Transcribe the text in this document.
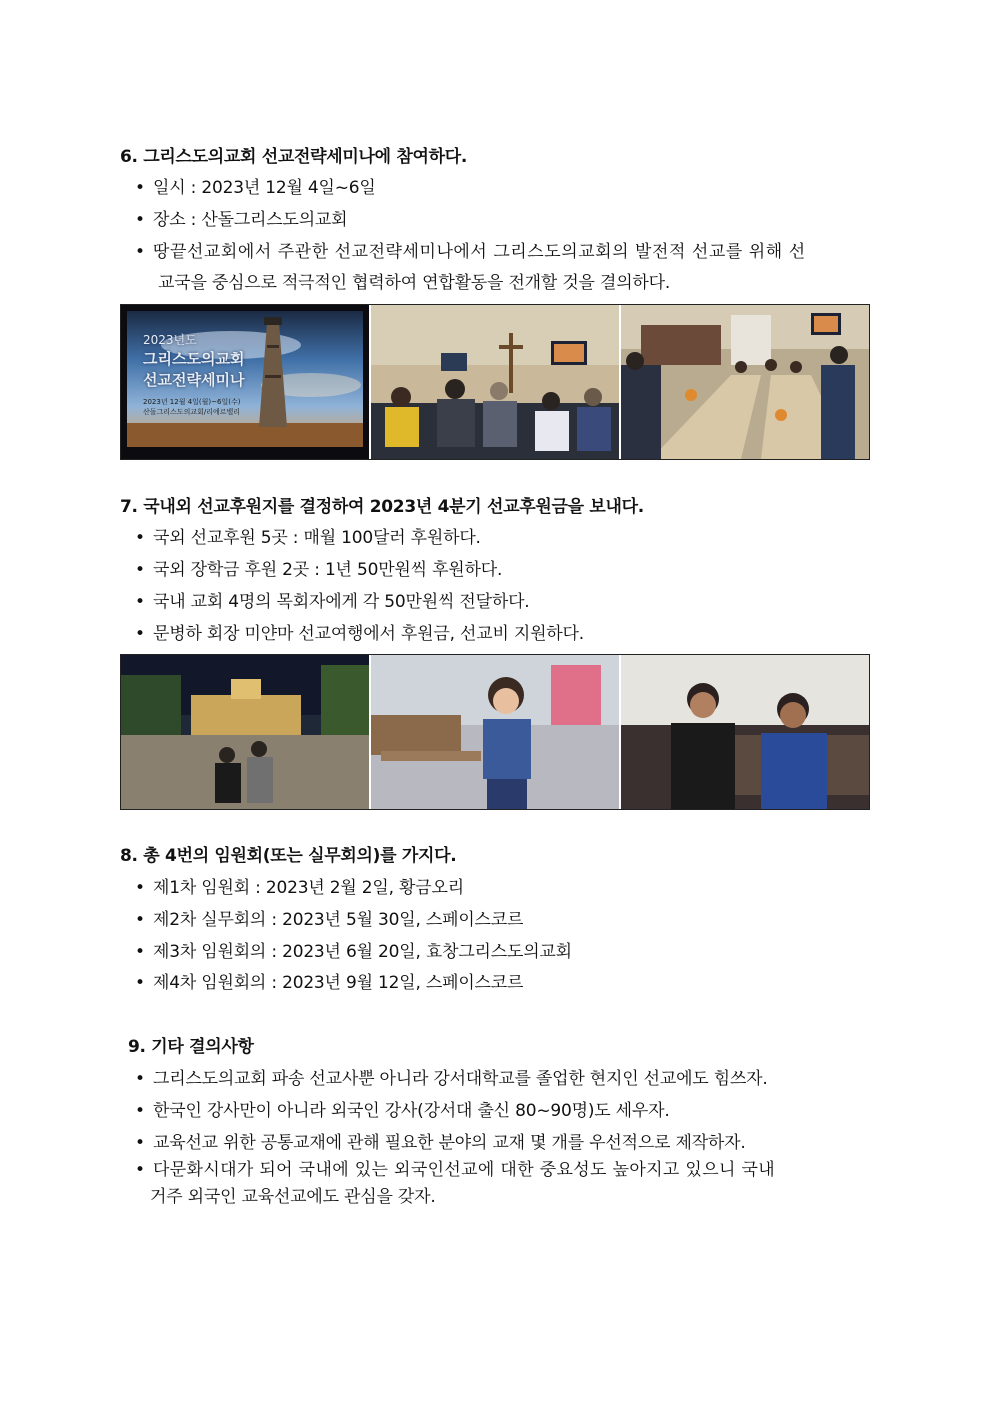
6. 그리스도의교회 선교전략세미나에 참여하다.
• 일시 : 2023년 12월 4일~6일
• 장소 : 산돌그리스도의교회
• 땅끝선교회에서 주관한 선교전략세미나에서 그리스도의교회의 발전적 선교를 위해 선
교국을 중심으로 적극적인 협력하여 연합활동을 전개할 것을 결의하다.
2023년도
그리스도의교회
선교전략세미나
2023년 12월 4일(월)~6일(수)
산돌그리스도의교회/리에르밸리
7. 국내외 선교후원지를 결정하여 2023년 4분기 선교후원금을 보내다.
• 국외 선교후원 5곳 : 매월 100달러 후원하다.
• 국외 장학금 후원 2곳 : 1년 50만원씩 후원하다.
• 국내 교회 4명의 목회자에게 각 50만원씩 전달하다.
• 문병하 회장 미얀마 선교여행에서 후원금, 선교비 지원하다.
8. 총 4번의 임원회(또는 실무회의)를 가지다.
• 제1차 임원회 : 2023년 2월 2일, 황금오리
• 제2차 실무회의 : 2023년 5월 30일, 스페이스코르
• 제3차 임원회의 : 2023년 6월 20일, 효창그리스도의교회
• 제4차 임원회의 : 2023년 9월 12일, 스페이스코르
9. 기타 결의사항
• 그리스도의교회 파송 선교사뿐 아니라 강서대학교를 졸업한 현지인 선교에도 힘쓰자.
• 한국인 강사만이 아니라 외국인 강사(강서대 출신 80~90명)도 세우자.
• 교육선교 위한 공통교재에 관해 필요한 분야의 교재 몇 개를 우선적으로 제작하자.
• 다문화시대가 되어 국내에 있는 외국인선교에 대한 중요성도 높아지고 있으니 국내
거주 외국인 교육선교에도 관심을 갖자.
